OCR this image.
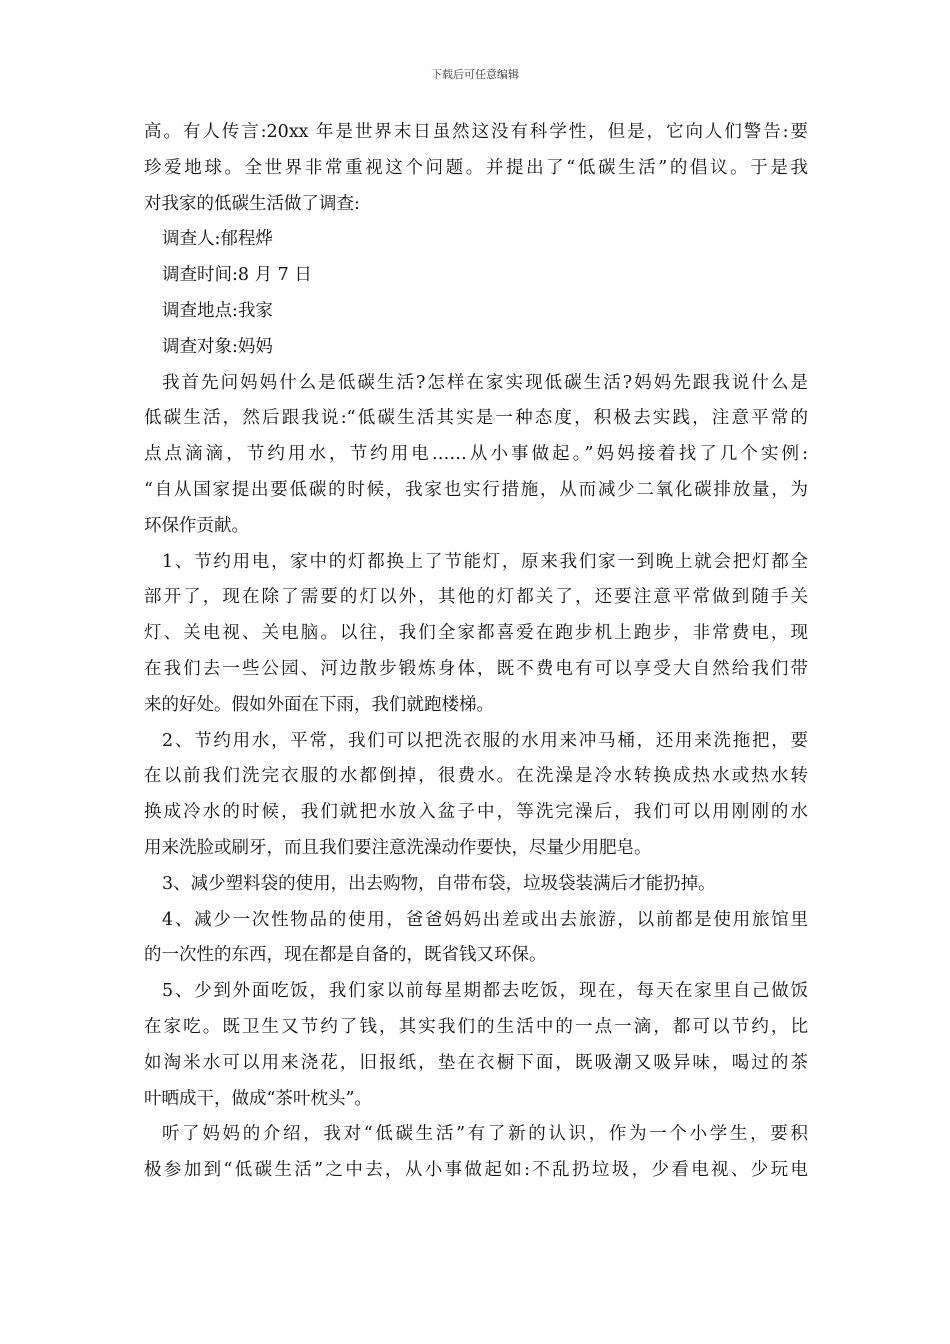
下载后可任意编辑
高。有人传言:20xx 年是世界末日虽然这没有科学性，但是，它向人们警告:要
珍爱地球。全世界非常重视这个问题。并提出了“低碳生活”的倡议。于是我
对我家的低碳生活做了调查:
调查人:郁程烨
调查时间:8 月 7 日
调查地点:我家
调查对象:妈妈
我首先问妈妈什么是低碳生活?怎样在家实现低碳生活?妈妈先跟我说什么是
低碳生活，然后跟我说:“低碳生活其实是一种态度，积极去实践，注意平常的
点点滴滴，节约用水，节约用电……从小事做起。”妈妈接着找了几个实例:
“自从国家提出要低碳的时候，我家也实行措施，从而减少二氧化碳排放量，为
环保作贡献。
1、节约用电，家中的灯都换上了节能灯，原来我们家一到晚上就会把灯都全
部开了，现在除了需要的灯以外，其他的灯都关了，还要注意平常做到随手关
灯、关电视、关电脑。以往，我们全家都喜爱在跑步机上跑步，非常费电，现
在我们去一些公园、河边散步锻炼身体，既不费电有可以享受大自然给我们带
来的好处。假如外面在下雨，我们就跑楼梯。
2、节约用水，平常，我们可以把洗衣服的水用来冲马桶，还用来洗拖把，要
在以前我们洗完衣服的水都倒掉，很费水。在洗澡是冷水转换成热水或热水转
换成冷水的时候，我们就把水放入盆子中，等洗完澡后，我们可以用刚刚的水
用来洗脸或刷牙，而且我们要注意洗澡动作要快，尽量少用肥皂。
3、减少塑料袋的使用，出去购物，自带布袋，垃圾袋装满后才能扔掉。
4、减少一次性物品的使用，爸爸妈妈出差或出去旅游，以前都是使用旅馆里
的一次性的东西，现在都是自备的，既省钱又环保。
5、少到外面吃饭，我们家以前每星期都去吃饭，现在，每天在家里自己做饭
在家吃。既卫生又节约了钱，其实我们的生活中的一点一滴，都可以节约，比
如淘米水可以用来浇花，旧报纸，垫在衣橱下面，既吸潮又吸异味，喝过的茶
叶晒成干，做成“茶叶枕头”。
听了妈妈的介绍，我对“低碳生活”有了新的认识，作为一个小学生，要积
极参加到“低碳生活”之中去，从小事做起如:不乱扔垃圾，少看电视、少玩电
